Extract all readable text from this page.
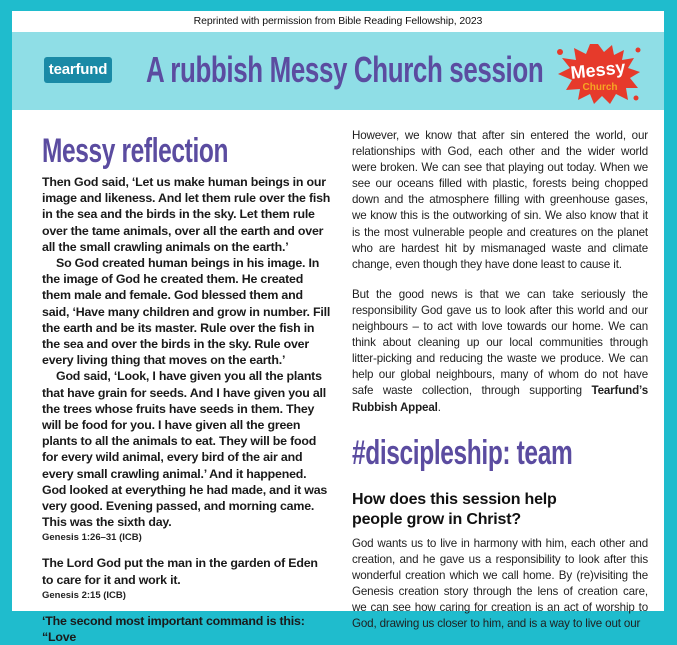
Reprinted with permission from Bible Reading Fellowship, 2023
tearfund A rubbish Messy Church session Messy
Church
Messy reflection

Then God said, ‘Let us make human beings in our image and likeness. And let them rule over the fish in the sea and the birds in the sky. Let them rule over the tame animals, over all the earth and over all the small crawling animals on the earth.’

So God created human beings in his image. In the image of God he created them. He created them male and female. God blessed them and said, ‘Have many children and grow in number. Fill the earth and be its master. Rule over the fish in the sea and over the birds in the sky. Rule over every living thing that moves on the earth.’

God said, ‘Look, I have given you all the plants that have grain for seeds. And I have given you all the trees whose fruits have seeds in them. They will be food for you. I have given all the green plants to all the animals to eat. They will be food for every wild animal, every bird of the air and every small crawling animal.’ And it happened. God looked at everything he had made, and it was very good. Evening passed, and morning came. This was the sixth day.

Genesis 1:26–31 (ICB)

The Lord God put the man in the garden of Eden to care for it and work it.

Genesis 2:15 (ICB)

‘The second most important command is this: “Love

However, we know that after sin entered the world, our relationships with God, each other and the wider world were broken. We can see that playing out today. When we see our oceans filled with plastic, forests being chopped down and the atmosphere filling with greenhouse gases, we know this is the outworking of sin. We also know that it is the most vulnerable people and creatures on the planet who are hardest hit by mismanaged waste and climate change, even though they have done least to cause it.

But the good news is that we can take seriously the responsibility God gave us to look after this world and our neighbours – to act with love towards our home. We can think about cleaning up our local communities through litter-picking and reducing the waste we produce. We can help our global neighbours, many of whom do not have safe waste collection, through supporting Tearfund’s Rubbish Appeal.

#discipleship: team
How does this session help people grow in Christ?

God wants us to live in harmony with him, each other and creation, and he gave us a responsibility to look after this wonderful creation which we call home. By (re)visiting the Genesis creation story through the lens of creation care, we can see how caring for creation is an act of worship to God, drawing us closer to him, and is a way to live out our
